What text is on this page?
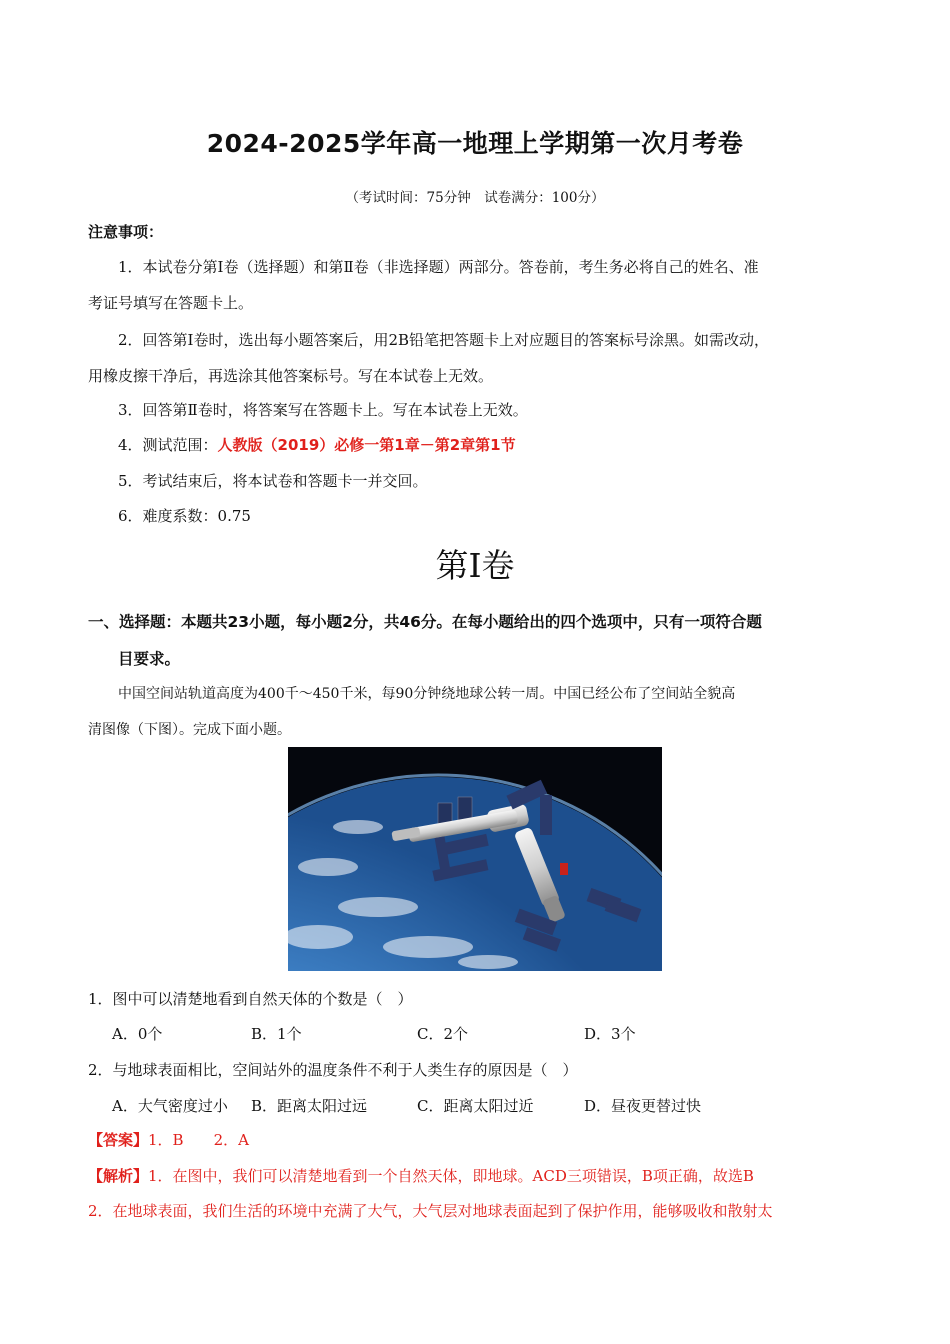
2024-2025学年高一地理上学期第一次月考卷
（考试时间：75分钟　试卷满分：100分）
注意事项：
1．本试卷分第Ⅰ卷（选择题）和第Ⅱ卷（非选择题）两部分。答卷前，考生务必将自己的姓名、准
考证号填写在答题卡上。
2．回答第Ⅰ卷时，选出每小题答案后，用2B铅笔把答题卡上对应题目的答案标号涂黑。如需改动，
用橡皮擦干净后，再选涂其他答案标号。写在本试卷上无效。
3．回答第Ⅱ卷时，将答案写在答题卡上。写在本试卷上无效。
4．测试范围：人教版（2019）必修一第1章－第2章第1节
5．考试结束后，将本试卷和答题卡一并交回。
6．难度系数：0.75
第Ⅰ卷
一、选择题：本题共23小题，每小题2分，共46分。在每小题给出的四个选项中，只有一项符合题
目要求。
中国空间站轨道高度为400千～450千米，每90分钟绕地球公转一周。中国已经公布了空间站全貌高
清图像（下图）。完成下面小题。
1．图中可以清楚地看到自然天体的个数是（　）
A．0个	B．1个	C．2个	D．3个
2．与地球表面相比，空间站外的温度条件不利于人类生存的原因是（　）
A．大气密度过小 B．距离太阳过远	C．距离太阳过近	D．昼夜更替过快
【答案】1．B　　2．A
【解析】1．在图中，我们可以清楚地看到一个自然天体，即地球。ACD三项错误，B项正确，故选B
2．在地球表面，我们生活的环境中充满了大气，大气层对地球表面起到了保护作用，能够吸收和散射太
